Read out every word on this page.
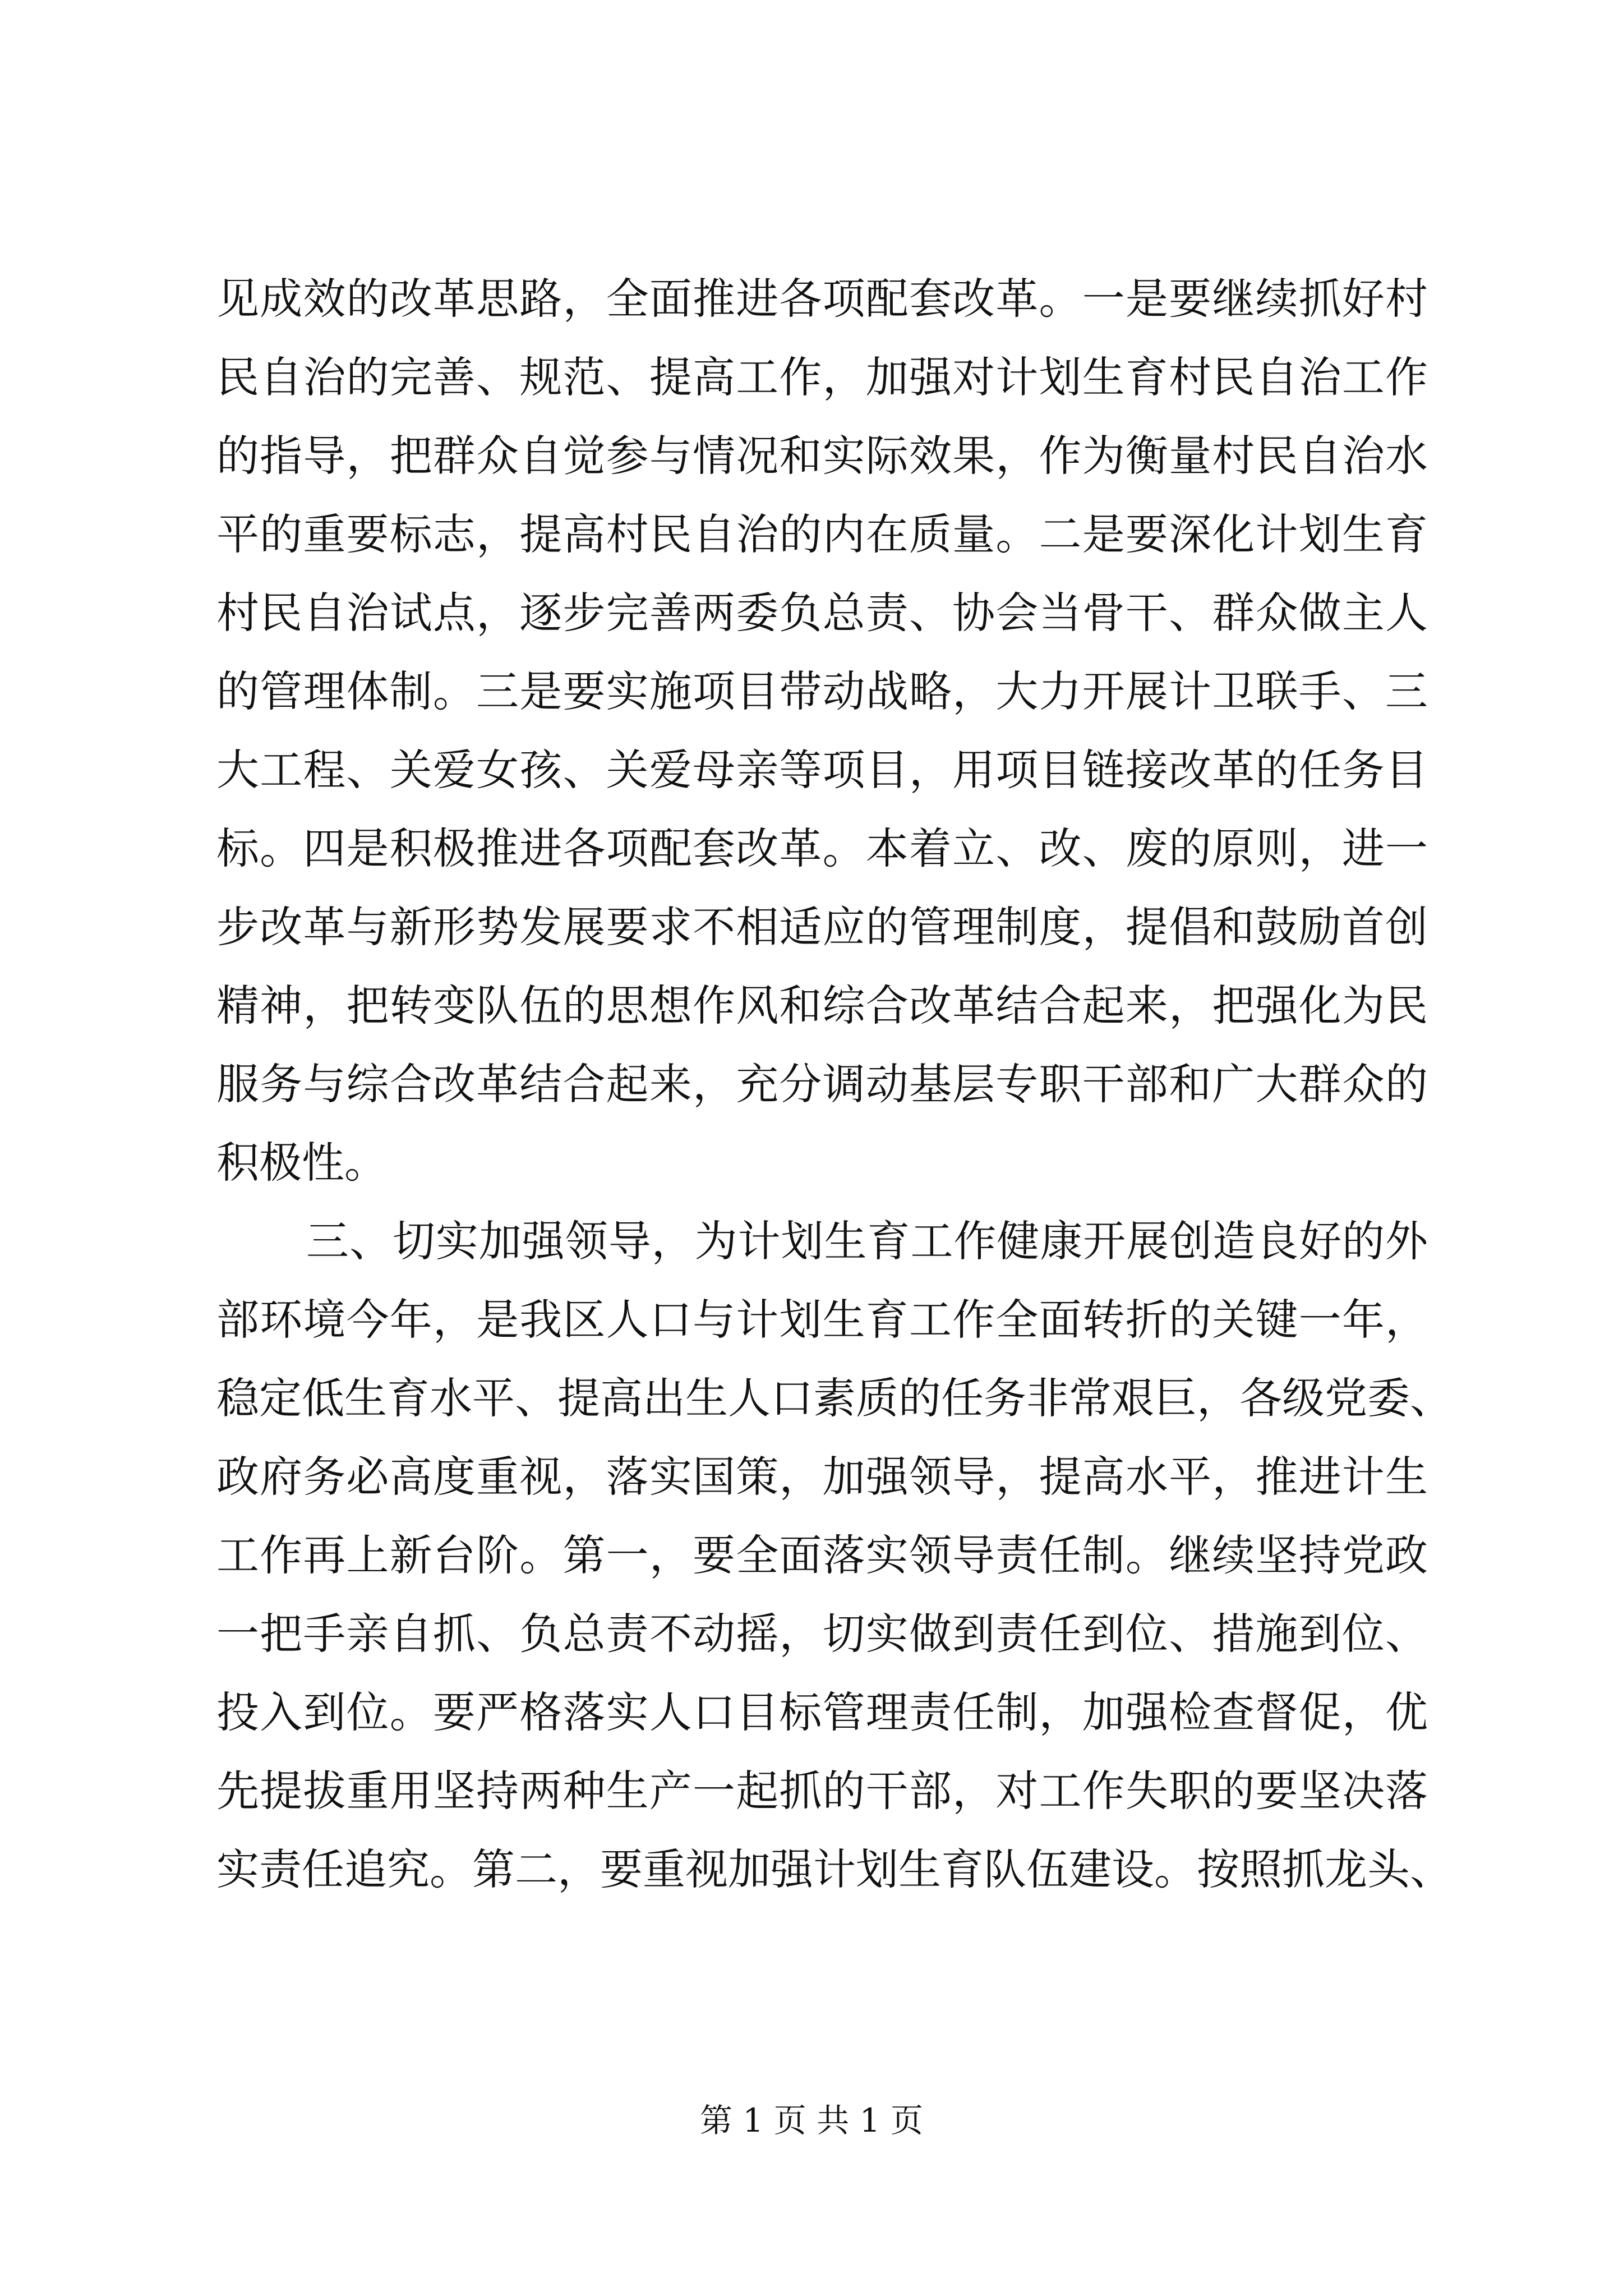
见成效的改革思路，全面推进各项配套改革。一是要继续抓好村
民自治的完善、规范、提高工作，加强对计划生育村民自治工作
的指导，把群众自觉参与情况和实际效果，作为衡量村民自治水
平的重要标志，提高村民自治的内在质量。二是要深化计划生育
村民自治试点，逐步完善两委负总责、协会当骨干、群众做主人
的管理体制。三是要实施项目带动战略，大力开展计卫联手、三
大工程、关爱女孩、关爱母亲等项目，用项目链接改革的任务目
标。四是积极推进各项配套改革。本着立、改、废的原则，进一
步改革与新形势发展要求不相适应的管理制度，提倡和鼓励首创
精神，把转变队伍的思想作风和综合改革结合起来，把强化为民
服务与综合改革结合起来，充分调动基层专职干部和广大群众的
积极性。
三、切实加强领导，为计划生育工作健康开展创造良好的外
部环境今年，是我区人口与计划生育工作全面转折的关键一年，
稳定低生育水平、提高出生人口素质的任务非常艰巨，各级党委、
政府务必高度重视，落实国策，加强领导，提高水平，推进计生
工作再上新台阶。第一，要全面落实领导责任制。继续坚持党政
一把手亲自抓、负总责不动摇，切实做到责任到位、措施到位、
投入到位。要严格落实人口目标管理责任制，加强检查督促，优
先提拔重用坚持两种生产一起抓的干部，对工作失职的要坚决落
实责任追究。第二，要重视加强计划生育队伍建设。按照抓龙头、
第 1 页 共 1 页
